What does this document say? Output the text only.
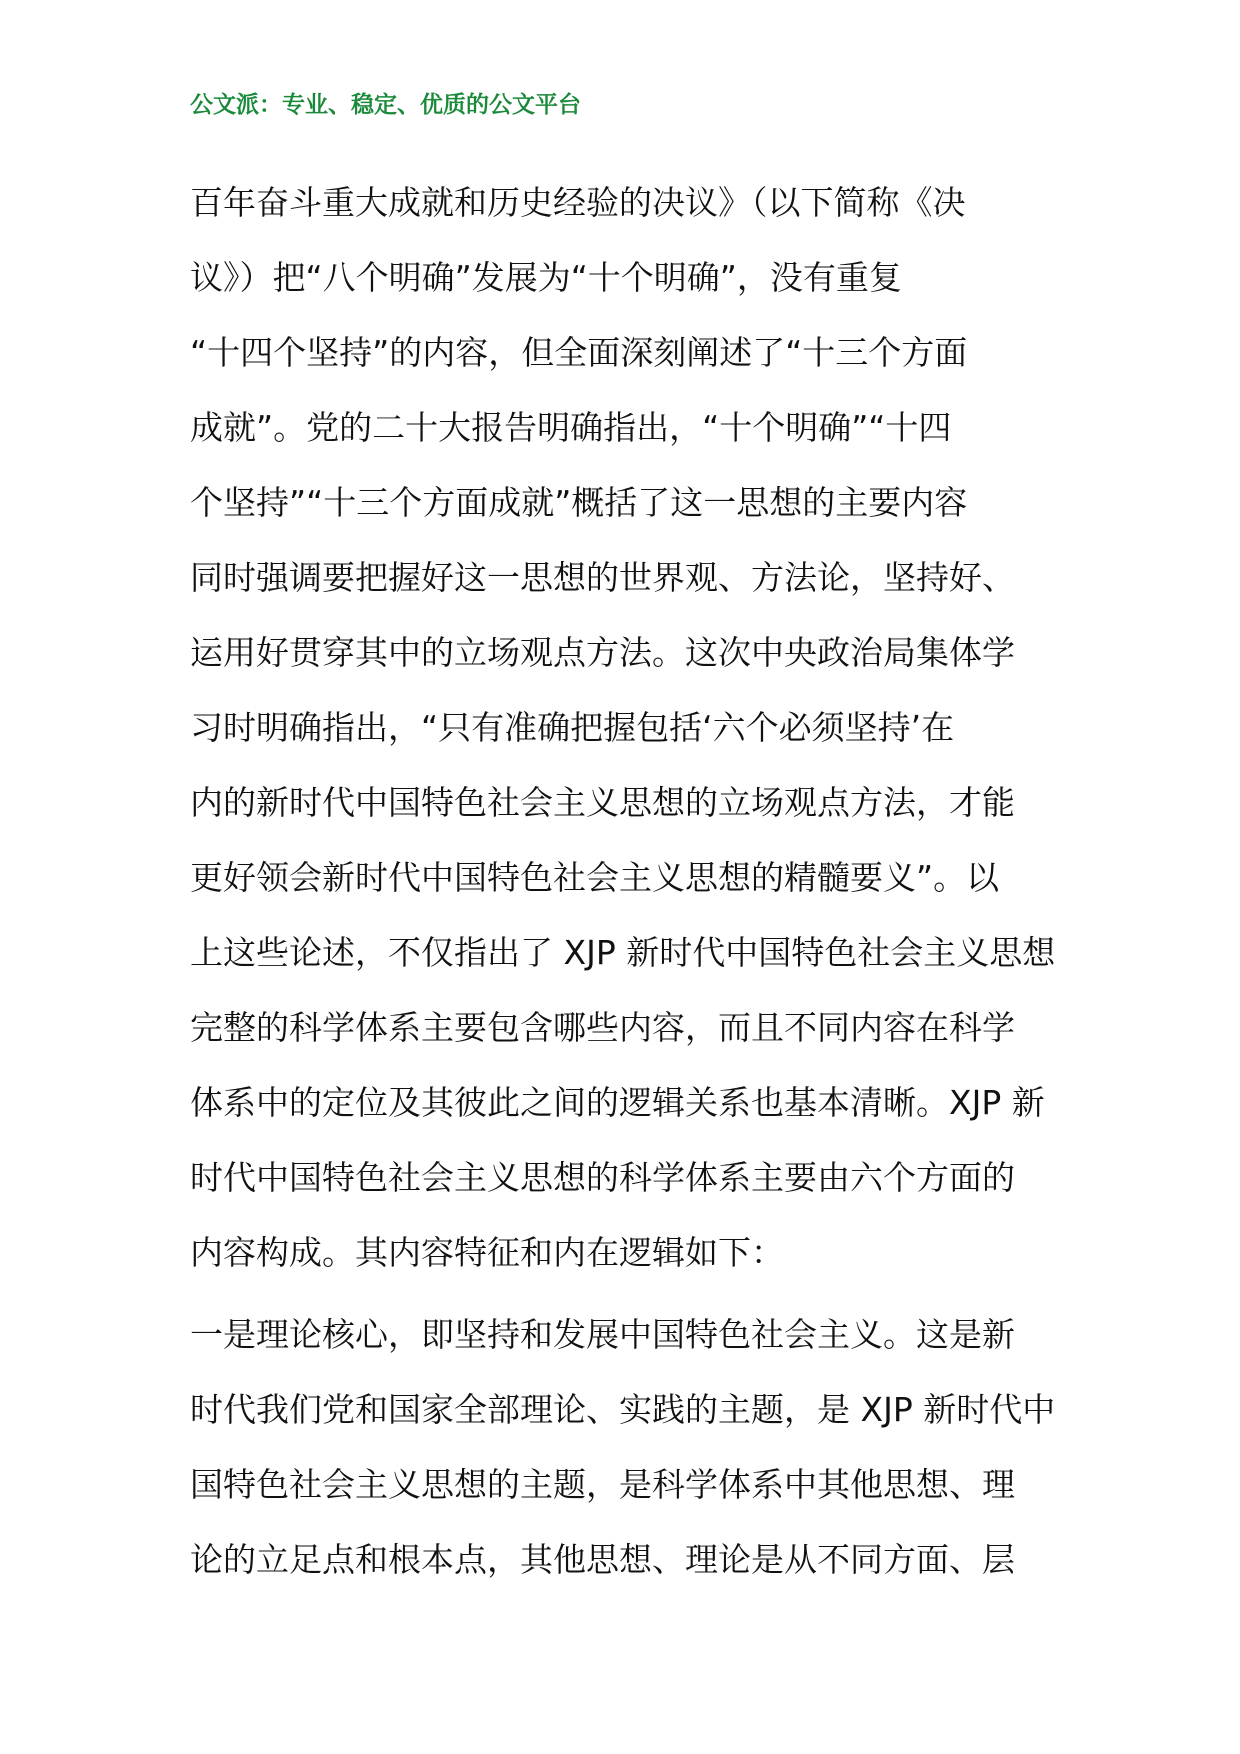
公文派：专业、稳定、优质的公文平台
百年奋斗重大成就和历史经验的决议》（以下简称《决
议》）把“八个明确”发展为“十个明确”，没有重复
“十四个坚持”的内容，但全面深刻阐述了“十三个方面
成就”。党的二十大报告明确指出，“十个明确”“十四
个坚持”“十三个方面成就”概括了这一思想的主要内容
同时强调要把握好这一思想的世界观、方法论，坚持好、
运用好贯穿其中的立场观点方法。这次中央政治局集体学
习时明确指出，“只有准确把握包括‘六个必须坚持’在
内的新时代中国特色社会主义思想的立场观点方法，才能
更好领会新时代中国特色社会主义思想的精髓要义”。以
上这些论述，不仅指出了 XJP 新时代中国特色社会主义思想
完整的科学体系主要包含哪些内容，而且不同内容在科学
体系中的定位及其彼此之间的逻辑关系也基本清晰。XJP 新
时代中国特色社会主义思想的科学体系主要由六个方面的
内容构成。其内容特征和内在逻辑如下：
一是理论核心，即坚持和发展中国特色社会主义。这是新
时代我们党和国家全部理论、实践的主题，是 XJP 新时代中
国特色社会主义思想的主题，是科学体系中其他思想、理
论的立足点和根本点，其他思想、理论是从不同方面、层
